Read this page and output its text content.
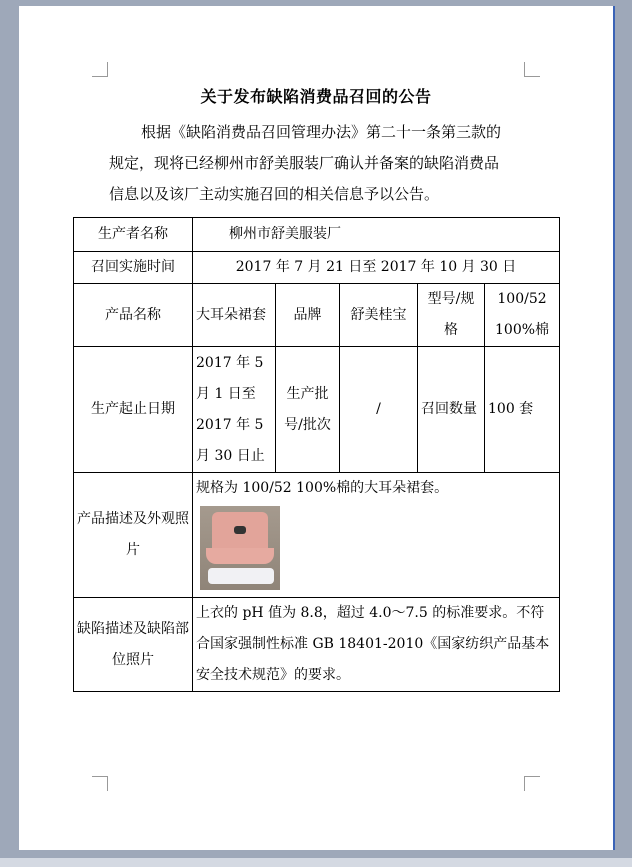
关于发布缺陷消费品召回的公告
根据《缺陷消费品召回管理办法》第二十一条第三款的
规定，现将已经柳州市舒美服装厂确认并备案的缺陷消费品
信息以及该厂主动实施召回的相关信息予以公告。
生产者名称	柳州市舒美服装厂				
召回实施时间	2017 年 7 月 21 日至 2017 年 10 月 30 日				
产品名称	大耳朵裙套	品牌	舒美桂宝	型号/规格	100/52 100%棉
生产起止日期	2017 年 5 月 1 日至 2017 年 5 月 30 日止	生产批号/批次	/	召回数量	100 套
产品描述及外观照片	规格为 100/52 100%棉的大耳朵裙套。				

缺陷描述及缺陷部位照片	上衣的 pH 值为 8.8，超过 4.0～7.5 的标准要求。不符合国家强制性标准 GB 18401-2010《国家纺织产品基本安全技术规范》的要求。				
